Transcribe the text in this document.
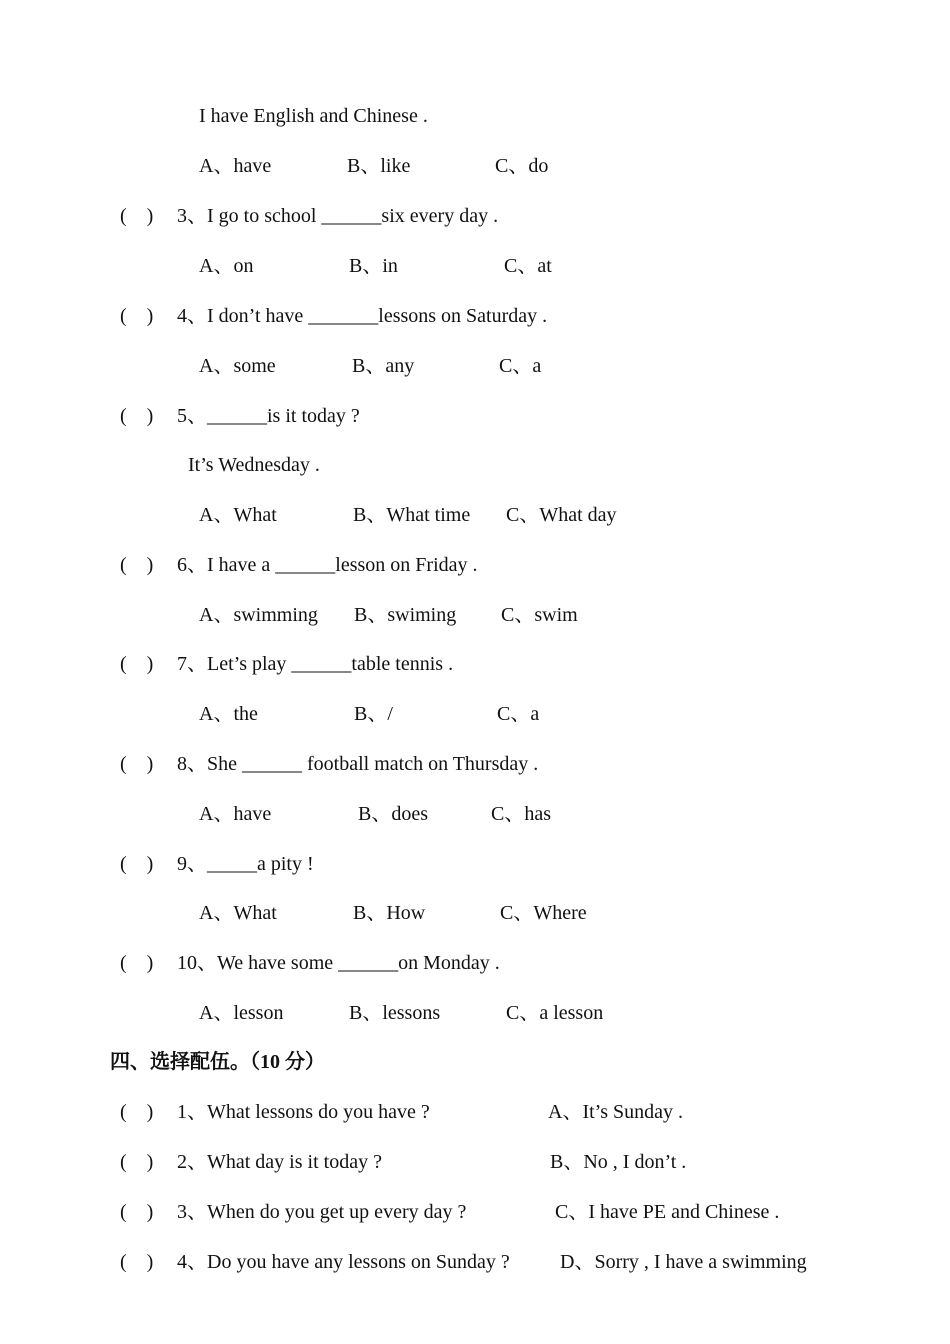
I have English and Chinese .
A、have	B、like	C、do
(    ) 3、I go to school ______six every day .
A、on	B、in	C、at
(    ) 4、I don’t have _______lessons on Saturday .
A、some	B、any	C、a
(    ) 5、______is it today ?
It’s Wednesday .
A、What	B、What time C、What day
(    ) 6、I have a ______lesson on Friday .
A、swimming B、swiming C、swim
(    ) 7、Let’s play ______table tennis .
A、the	B、/	C、a
(    ) 8、She ______ football match on Thursday .
A、have	B、does	C、has
(    ) 9、_____a pity !
A、What	B、How	C、Where
(    ) 10、We have some ______on Monday .
A、lesson	B、lessons	C、a lesson
四、选择配伍。（10 分）
(    ) 1、What lessons do you have ?	A、It’s Sunday .
(    ) 2、What day is it today ?	B、No , I don’t .
(    ) 3、When do you get up every day ?	C、I have PE and Chinese .
(    ) 4、Do you have any lessons on Sunday ?	D、Sorry , I have a swimming
